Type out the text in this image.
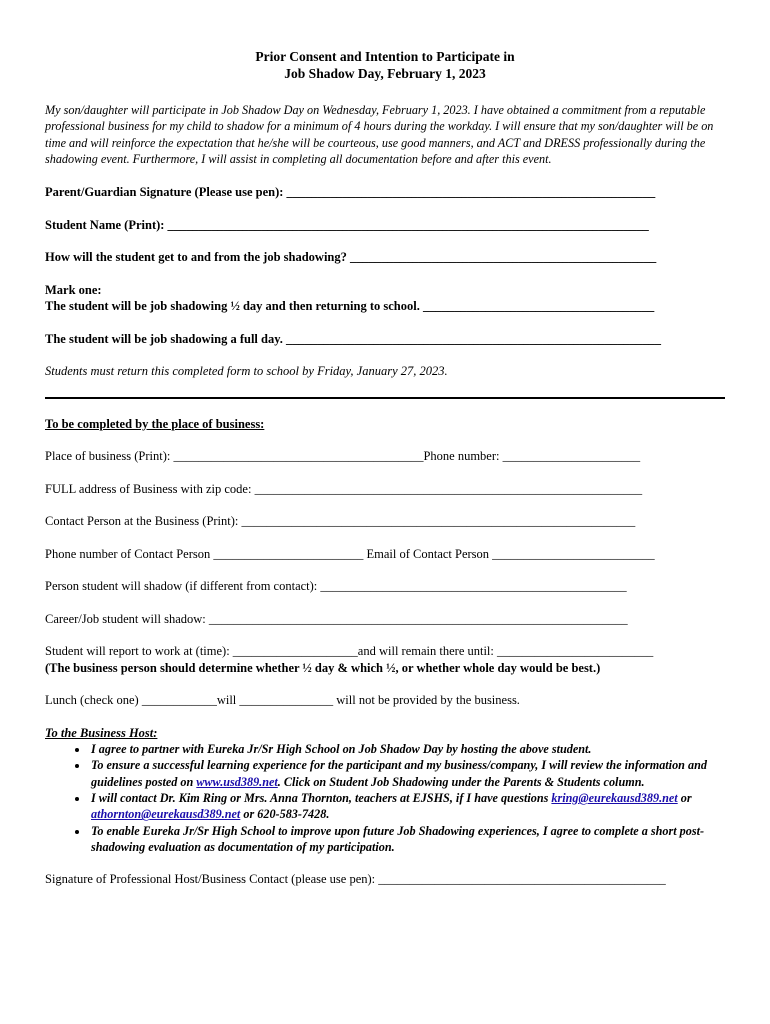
Prior Consent and Intention to Participate in
Job Shadow Day, February 1, 2023
My son/daughter will participate in Job Shadow Day on Wednesday, February 1, 2023. I have obtained a commitment from a reputable professional business for my child to shadow for a minimum of 4 hours during the workday. I will ensure that my son/daughter will be on time and will reinforce the expectation that he/she will be courteous, use good manners, and ACT and DRESS professionally during the shadowing event. Furthermore, I will assist in completing all documentation before and after this event.
Parent/Guardian Signature (Please use pen): ___________________________________________________________
Student Name (Print): _____________________________________________________________________________
How will the student get to and from the job shadowing? _________________________________________________
Mark one:
The student will be job shadowing ½ day and then returning to school. _____________________________________
The student will be job shadowing a full day. ____________________________________________________________
Students must return this completed form to school by Friday, January 27, 2023.
To be completed by the place of business:
Place of business (Print): ________________________________________Phone number: ______________________
FULL address of Business with zip code: ______________________________________________________________
Contact Person at the Business (Print): _______________________________________________________________
Phone number of Contact Person ________________________ Email of Contact Person __________________________
Person student will shadow (if different from contact): _________________________________________________
Career/Job student will shadow: ___________________________________________________________________
Student will report to work at (time): ____________________and will remain there until: _________________________
(The business person should determine whether ½ day & which ½, or whether whole day would be best.)
Lunch (check one) ____________will _______________ will not be provided by the business.
To the Business Host:
• I agree to partner with Eureka Jr/Sr High School on Job Shadow Day by hosting the above student.
• To ensure a successful learning experience for the participant and my business/company, I will review the information and guidelines posted on www.usd389.net. Click on Student Job Shadowing under the Parents & Students column.
• I will contact Dr. Kim Ring or Mrs. Anna Thornton, teachers at EJSHS, if I have questions kring@eurekausd389.net or athornton@eurekausd389.net or 620-583-7428.
• To enable Eureka Jr/Sr High School to improve upon future Job Shadowing experiences, I agree to complete a short post-shadowing evaluation as documentation of my participation.
Signature of Professional Host/Business Contact (please use pen): ______________________________________________
